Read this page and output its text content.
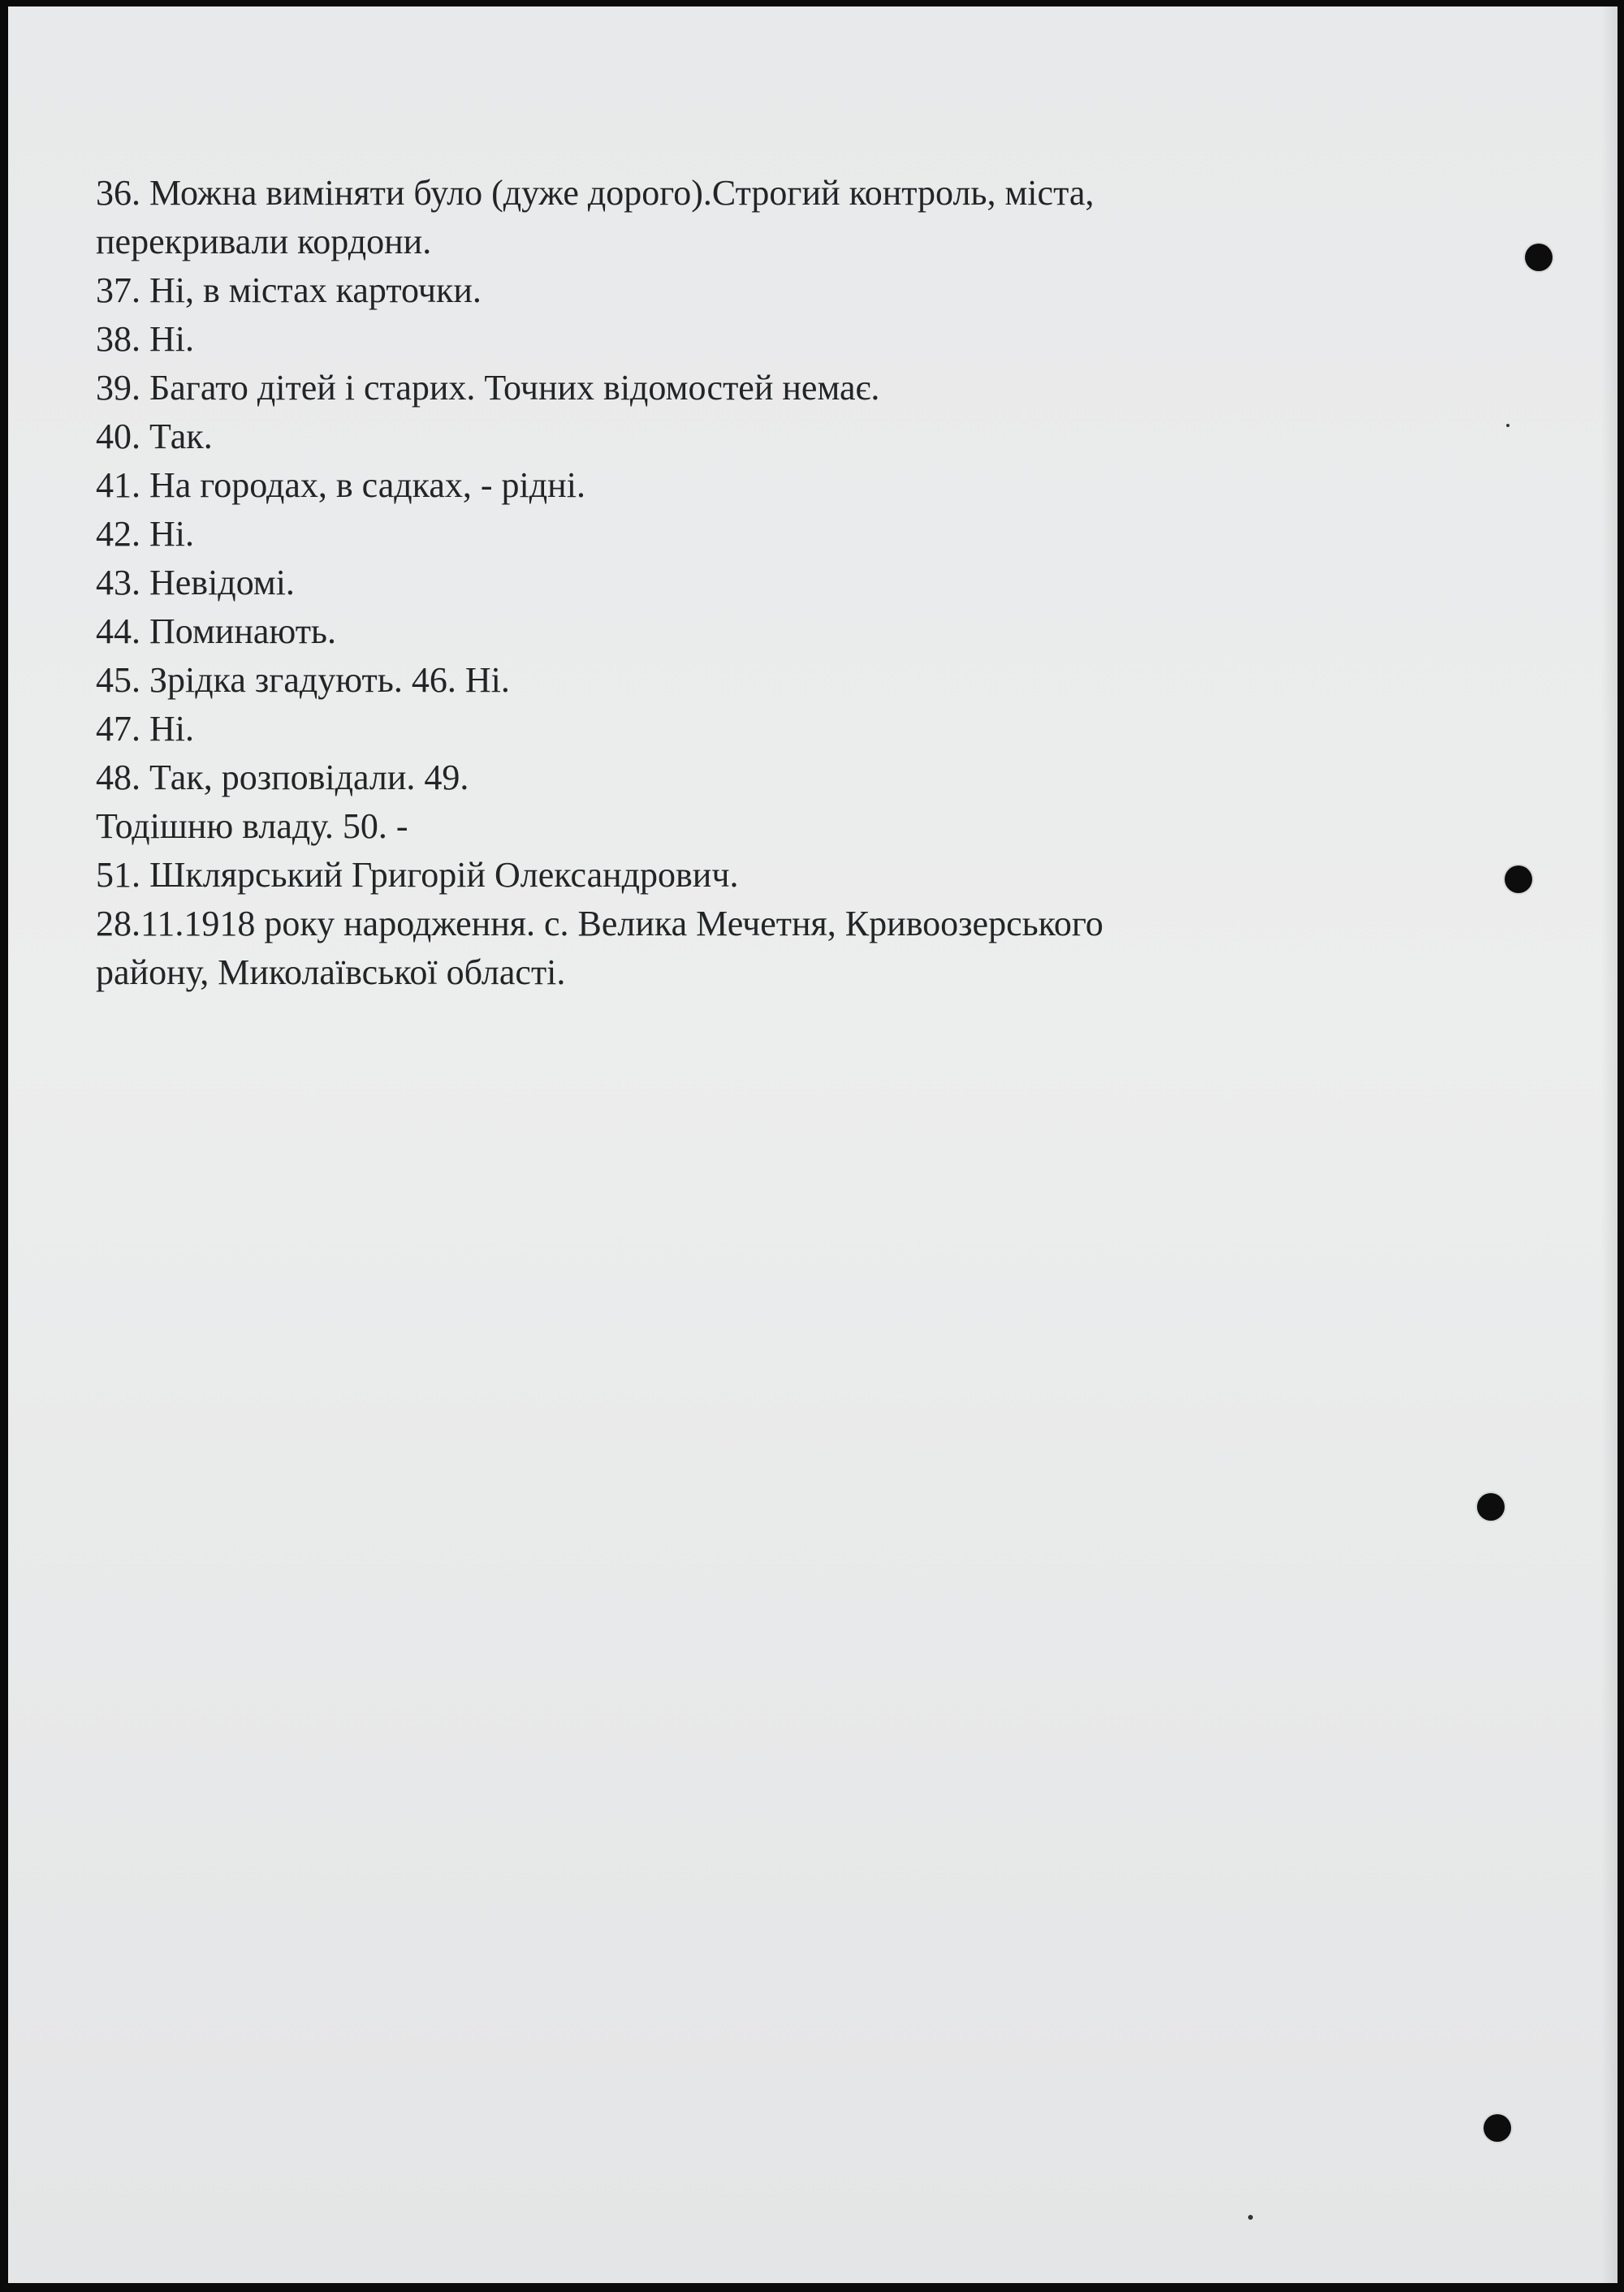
36. Можна виміняти було (дуже дорого).Строгий контроль, міста,
перекривали кордони.
37. Ні, в містах карточки.
38. Ні.
39. Багато дітей і старих. Точних відомостей немає.
40. Так.
41. На городах, в садках, - рідні.
42. Ні.
43. Невідомі.
44. Поминають.
45. Зрідка згадують. 46. Ні.
47. Ні.
48. Так, розповідали. 49.
Тодішню владу. 50. -
51. Шклярський Григорій Олександрович.
28.11.1918 року народження. с. Велика Мечетня, Кривоозерського
району, Миколаївської області.
